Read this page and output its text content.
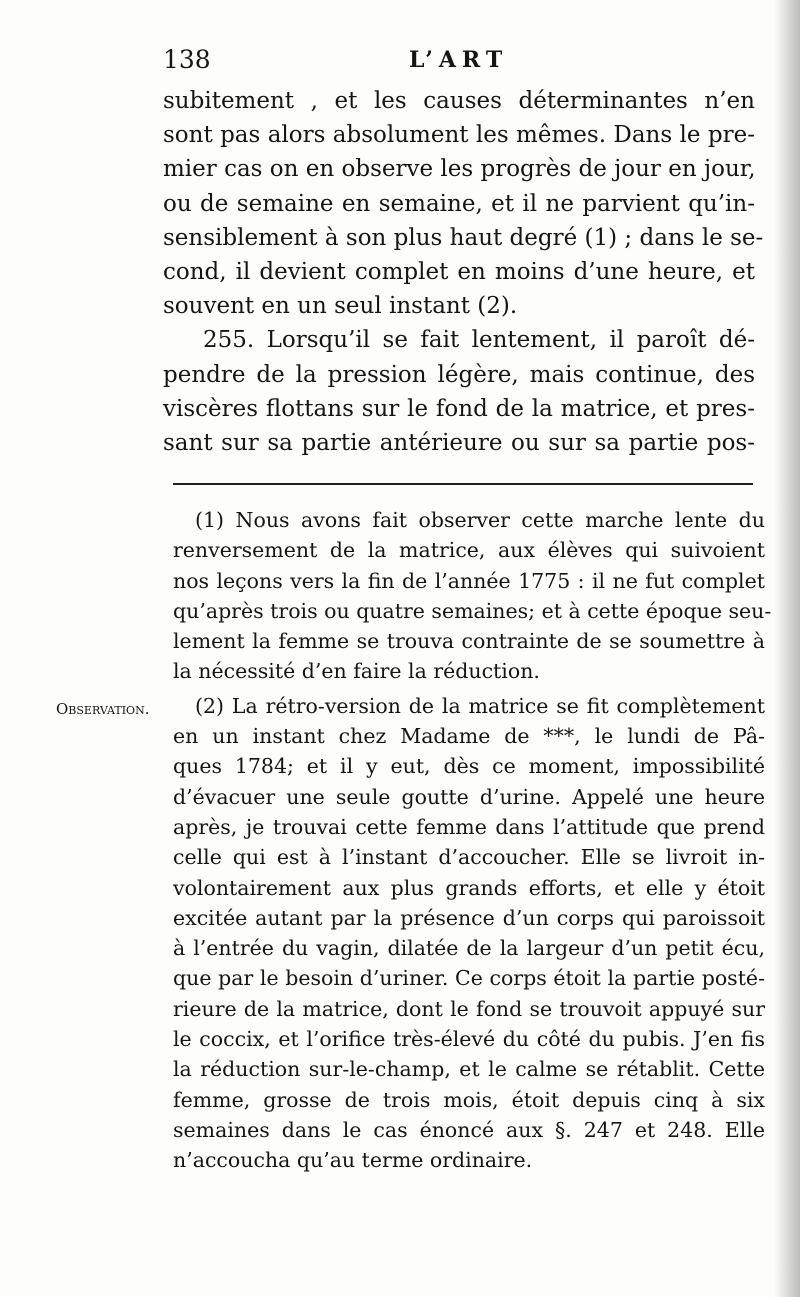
138	L’ART

subitement , et les causes déterminantes n’en
sont pas alors absolument les mêmes. Dans le pre-
mier cas on en observe les progrès de jour en jour,
ou de semaine en semaine, et il ne parvient qu’in-
sensiblement à son plus haut degré (1) ; dans le se-
cond, il devient complet en moins d’une heure, et
souvent en un seul instant (2).

255. Lorsqu’il se fait lentement, il paroît dé-
pendre de la pression légère, mais continue, des
viscères flottans sur le fond de la matrice, et pres-
sant sur sa partie antérieure ou sur sa partie pos-

(1) Nous avons fait observer cette marche lente du
renversement de la matrice, aux élèves qui suivoient
nos leçons vers la fin de l’année 1775 : il ne fut complet
qu’après trois ou quatre semaines; et à cette époque seu-
lement la femme se trouva contrainte de se soumettre à
la nécessité d’en faire la réduction.
(2) La rétro-version de la matrice se fit complètement
en un instant chez Madame de ***, le lundi de Pâ-
ques 1784; et il y eut, dès ce moment, impossibilité
d’évacuer une seule goutte d’urine. Appelé une heure
après, je trouvai cette femme dans l’attitude que prend
celle qui est à l’instant d’accoucher. Elle se livroit in-
volontairement aux plus grands efforts, et elle y étoit
excitée autant par la présence d’un corps qui paroissoit
à l’entrée du vagin, dilatée de la largeur d’un petit écu,
que par le besoin d’uriner. Ce corps étoit la partie posté-
rieure de la matrice, dont le fond se trouvoit appuyé sur
le coccix, et l’orifice très-élevé du côté du pubis. J’en fis
la réduction sur-le-champ, et le calme se rétablit. Cette
femme, grosse de trois mois, étoit depuis cinq à six
semaines dans le cas énoncé aux §. 247 et 248. Elle
n’accoucha qu’au terme ordinaire.
Observation.
